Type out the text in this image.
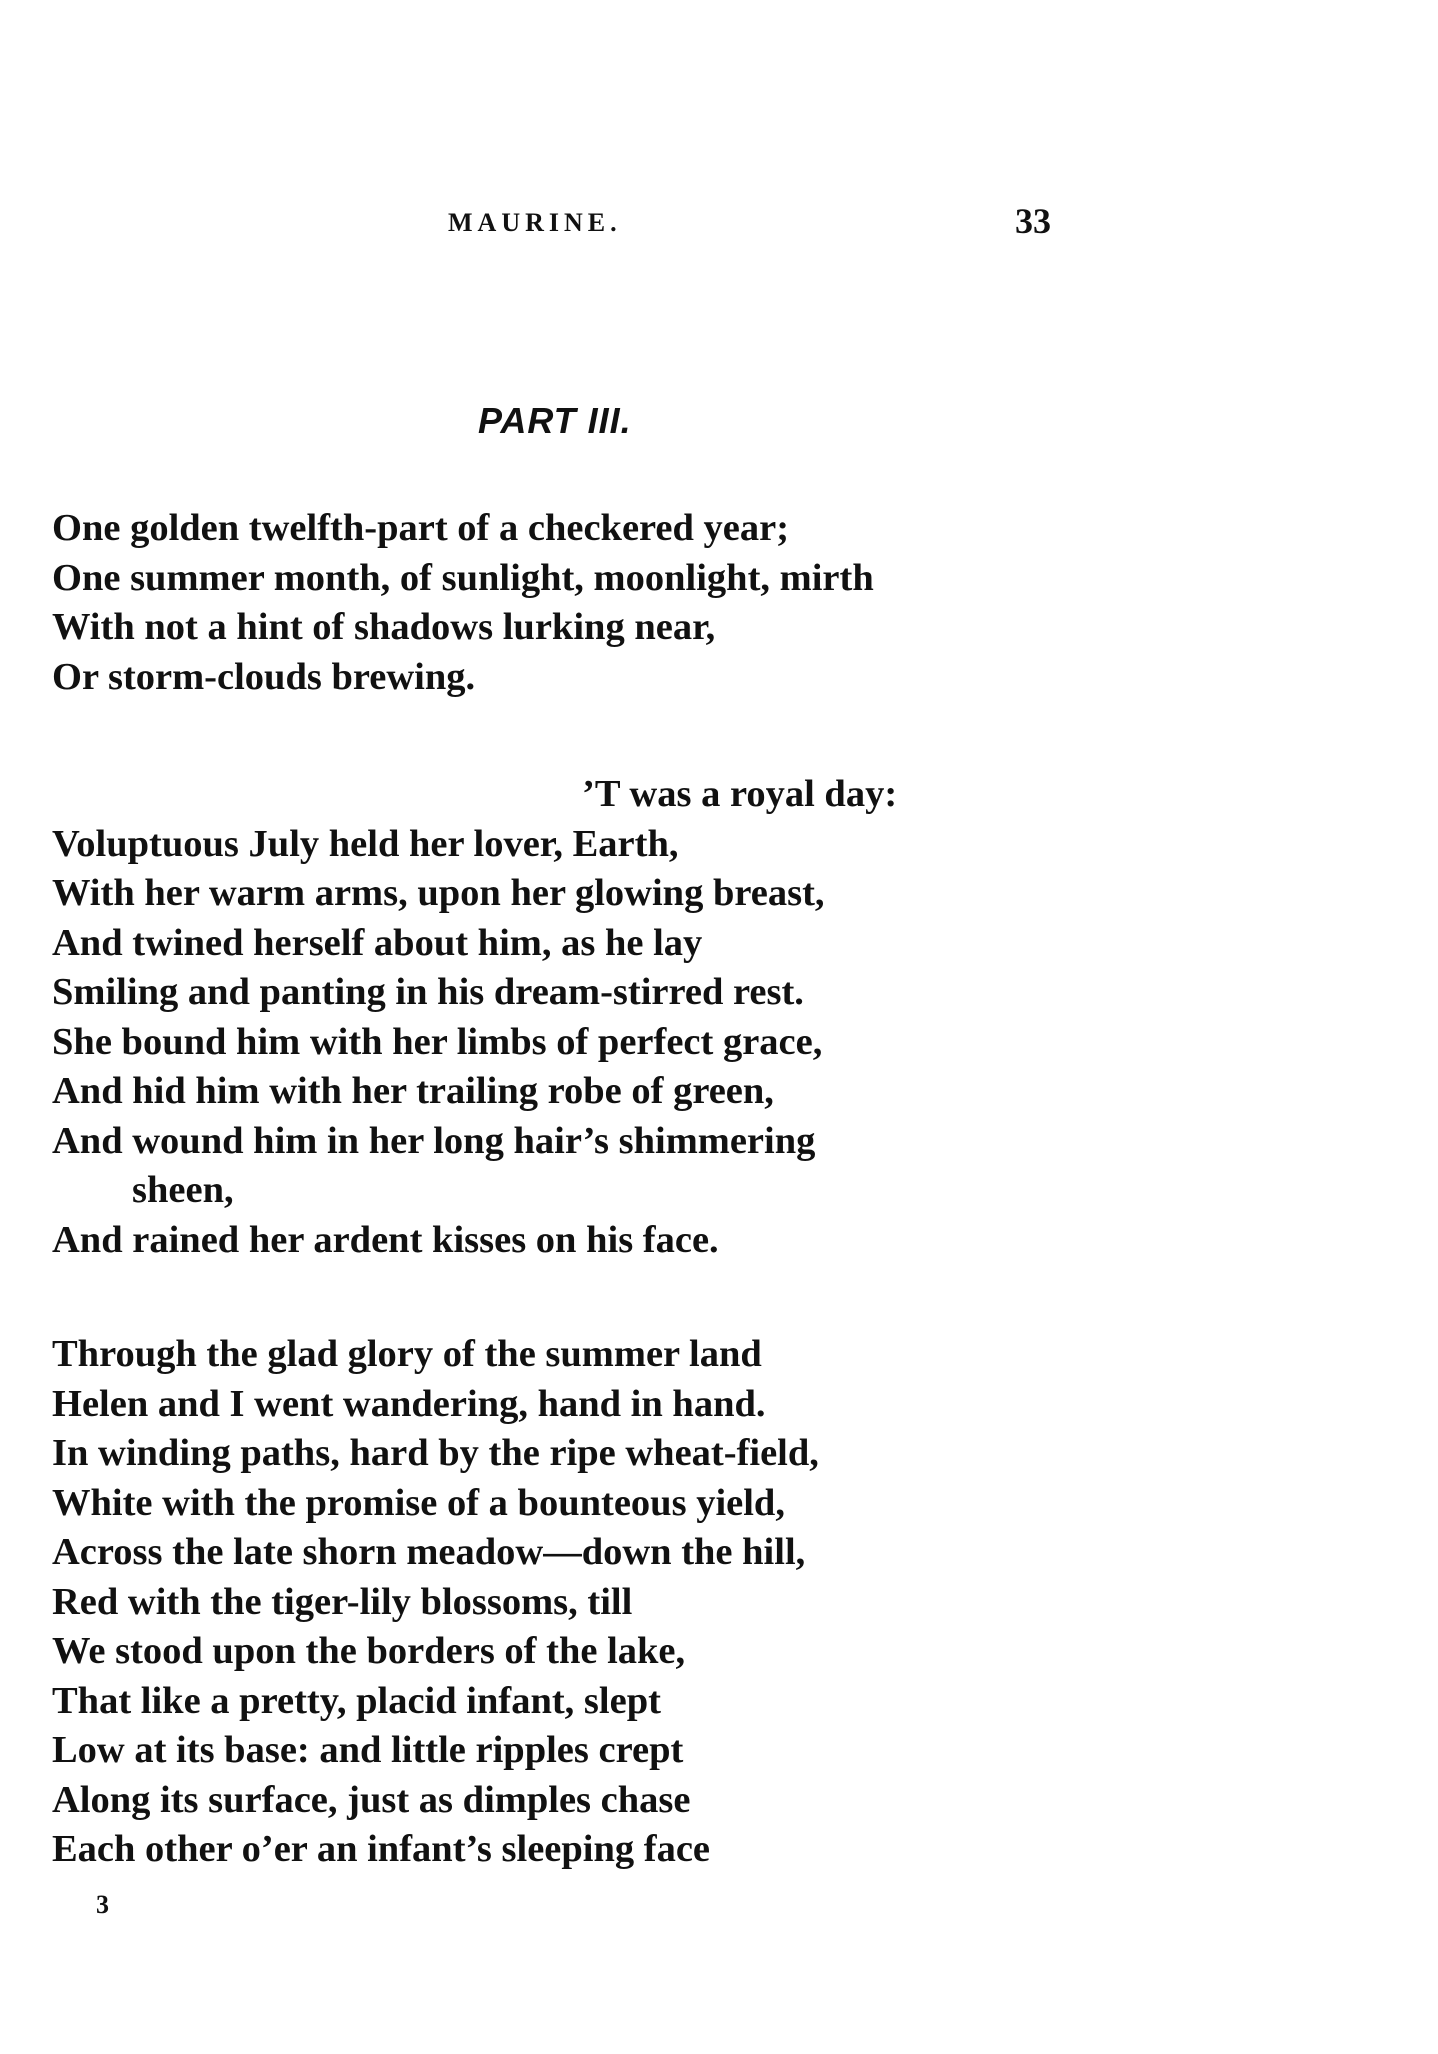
MAURINE.	33
PART III.
One golden twelfth-part of a checkered year;
One summer month, of sunlight, moonlight, mirth
With not a hint of shadows lurking near,
Or storm-clouds brewing.
’T was a royal day:
Voluptuous July held her lover, Earth,
With her warm arms, upon her glowing breast,
And twined herself about him, as he lay
Smiling and panting in his dream-stirred rest.
She bound him with her limbs of perfect grace,
And hid him with her trailing robe of green,
And wound him in her long hair’s shimmering
sheen,
And rained her ardent kisses on his face.
Through the glad glory of the summer land
Helen and I went wandering, hand in hand.
In winding paths, hard by the ripe wheat-field,
White with the promise of a bounteous yield,
Across the late shorn meadow—down the hill,
Red with the tiger-lily blossoms, till
We stood upon the borders of the lake,
That like a pretty, placid infant, slept
Low at its base: and little ripples crept
Along its surface, just as dimples chase
Each other o’er an infant’s sleeping face
3
